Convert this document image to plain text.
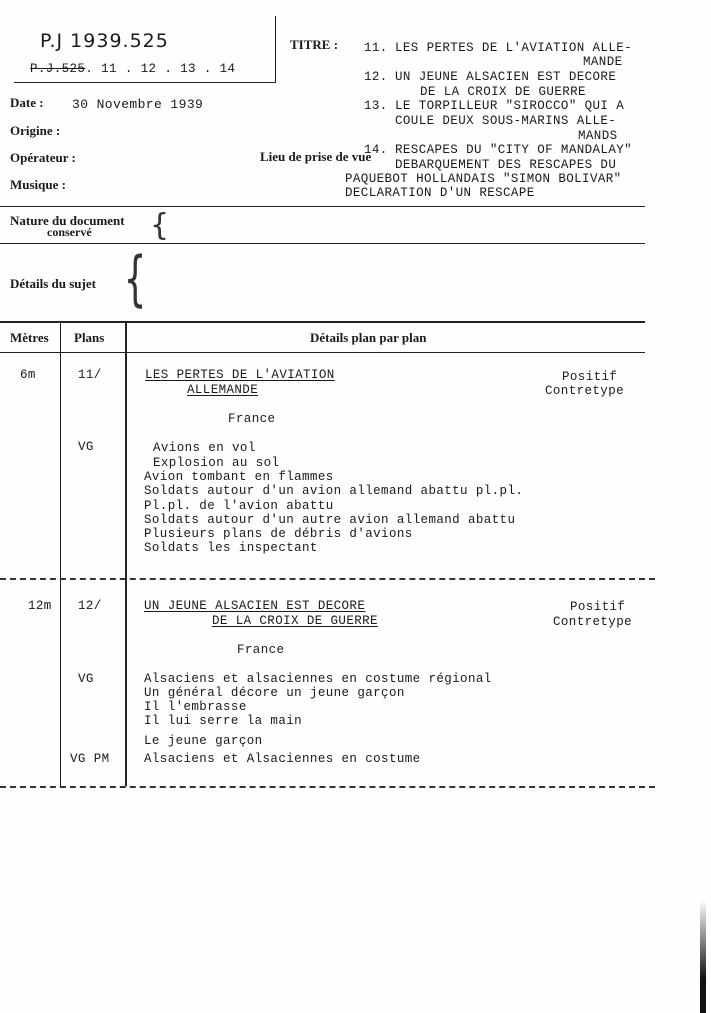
P.J 1939.525
P.J.525. 11 . 12 . 13 . 14
TITRE : 11. LES PERTES DE L'AVIATION ALLE-
MANDE
12. UN JEUNE ALSACIEN EST DECORE
DE LA CROIX DE GUERRE
13. LE TORPILLEUR "SIROCCO" QUI A
COULE DEUX SOUS-MARINS ALLE-
MANDS
14. RESCAPES DU "CITY OF MANDALAY"
DEBARQUEMENT DES RESCAPES DU
PAQUEBOT HOLLANDAIS "SIMON BOLIVAR"
DECLARATION D'UN RESCAPE
Date : 30 Novembre 1939
Origine :
Opérateur :	Lieu de prise de vue
Musique :
Nature du document
conservé {
Détails du sujet {
Mètres Plans	Détails plan par plan
6m	11/	LES PERTES DE L'AVIATION
ALLEMANDE
Positif
Contretype
France
VG	Avions en vol
Explosion au sol
Avion tombant en flammes
Soldats autour d'un avion allemand abattu pl.pl.
Pl.pl. de l'avion abattu
Soldats autour d'un autre avion allemand abattu
Plusieurs plans de débris d'avions
Soldats les inspectant
12m 12/	UN JEUNE ALSACIEN EST DECORE
DE LA CROIX DE GUERRE
Positif
Contretype
France
VG	Alsaciens et alsaciennes en costume régional
Un général décore un jeune garçon
Il l'embrasse
Il lui serre la main
Le jeune garçon
VG PM	Alsaciens et Alsaciennes en costume
